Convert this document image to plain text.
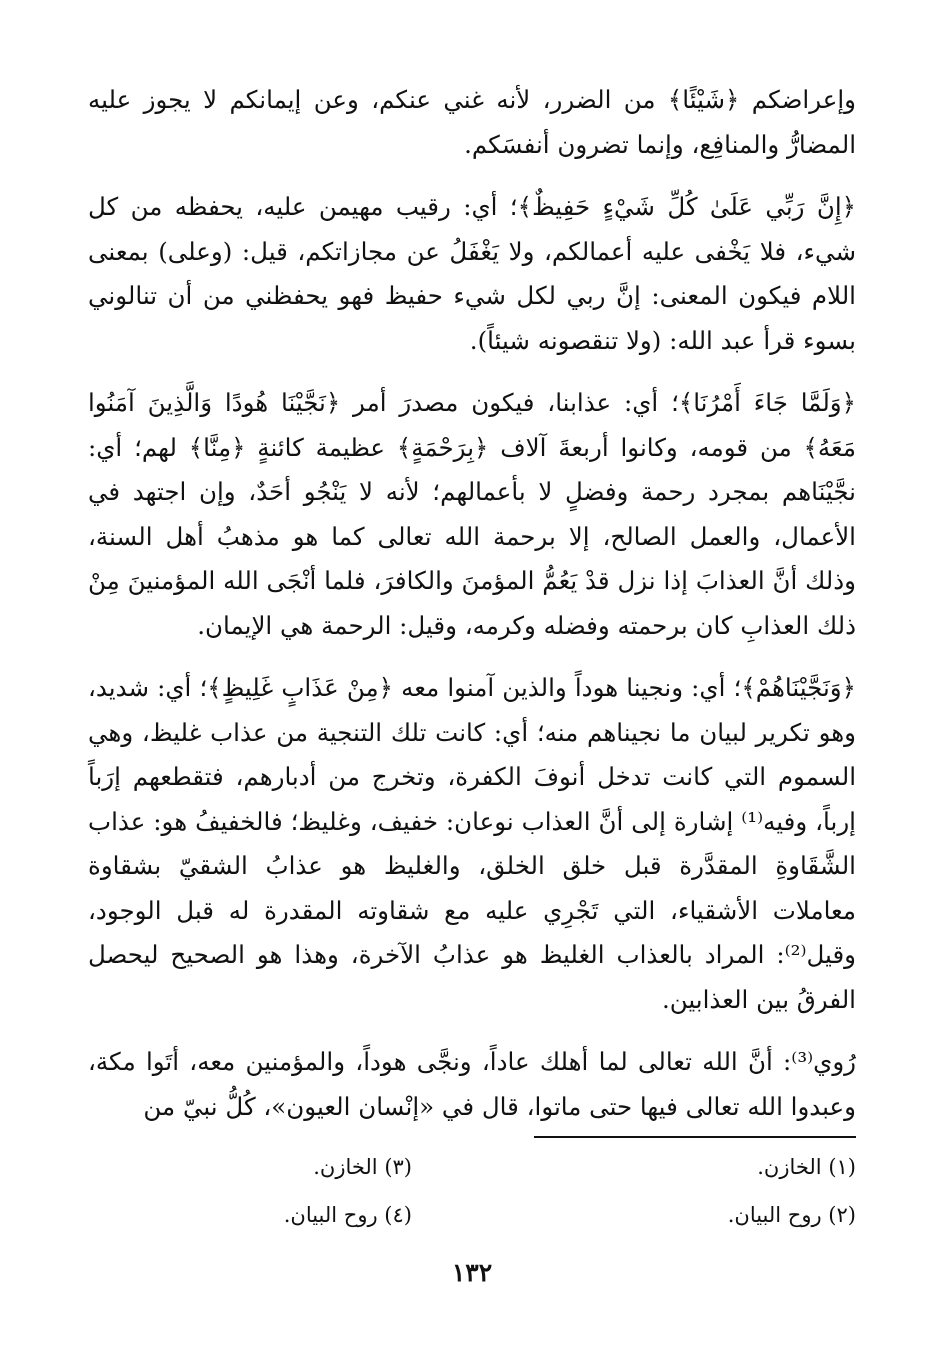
وإعراضكم ﴿شَيْئًا﴾ من الضرر، لأنه غني عنكم، وعن إيمانكم لا يجوز عليه المضارُّ والمنافِع، وإنما تضرون أنفسَكم.

﴿إِنَّ رَبِّي عَلَىٰ كُلِّ شَيْءٍ حَفِيظٌ﴾؛ أي: رقيب مهيمن عليه، يحفظه من كل شيء، فلا يَخْفى عليه أعمالكم، ولا يَغْفَلُ عن مجازاتكم، قيل: (وعلى) بمعنى اللام فيكون المعنى: إنَّ ربي لكل شيء حفيظ فهو يحفظني من أن تنالوني بسوء قرأ عبد الله: (ولا تنقصونه شيئاً).

﴿وَلَمَّا جَاءَ أَمْرُنَا﴾؛ أي: عذابنا، فيكون مصدرَ أمر ﴿نَجَّيْنَا هُودًا وَالَّذِينَ آمَنُوا مَعَهُ﴾ من قومه، وكانوا أربعةَ آلاف ﴿بِرَحْمَةٍ﴾ عظيمة كائنةٍ ﴿مِنَّا﴾ لهم؛ أي: نجَّيْنَاهم بمجرد رحمة وفضلٍ لا بأعمالهم؛ لأنه لا يَنْجُو أحَدٌ، وإن اجتهد في الأعمال، والعمل الصالح، إلا برحمة الله تعالى كما هو مذهبُ أهل السنة، وذلك أنَّ العذابَ إذا نزل قدْ يَعُمُّ المؤمنَ والكافرَ، فلما أنْجَى الله المؤمنينَ مِنْ ذلك العذابِ كان برحمته وفضله وكرمه، وقيل: الرحمة هي الإيمان.

﴿وَنَجَّيْنَاهُمْ﴾؛ أي: ونجينا هوداً والذين آمنوا معه ﴿مِنْ عَذَابٍ غَلِيظٍ﴾؛ أي: شديد، وهو تكرير لبيان ما نجيناهم منه؛ أي: كانت تلك التنجية من عذاب غليظ، وهي السموم التي كانت تدخل أنوفَ الكفرة، وتخرج من أدبارهم، فتقطعهم إرَباً إرباً، وفيه⁽¹⁾ إشارة إلى أنَّ العذاب نوعان: خفيف، وغليظ؛ فالخفيفُ هو: عذاب الشَّقَاوةِ المقدَّرة قبل خلق الخلق، والغليظ هو عذابُ الشقيّ بشقاوة معاملات الأشقياء، التي تَجْرِي عليه مع شقاوته المقدرة له قبل الوجود، وقيل⁽²⁾: المراد بالعذاب الغليظ هو عذابُ الآخرة، وهذا هو الصحيح ليحصل الفرقُ بين العذابين.

رُوي⁽³⁾: أنَّ الله تعالى لما أهلك عاداً، ونجَّى هوداً، والمؤمنين معه، أتَوا مكة، وعبدوا الله تعالى فيها حتى ماتوا، قال في «إنْسان العيون»، كُلُّ نبيّ من

(١) الخازن.
(٣) الخازن.
(٢) روح البيان.
(٤) روح البيان.
١٣٢
